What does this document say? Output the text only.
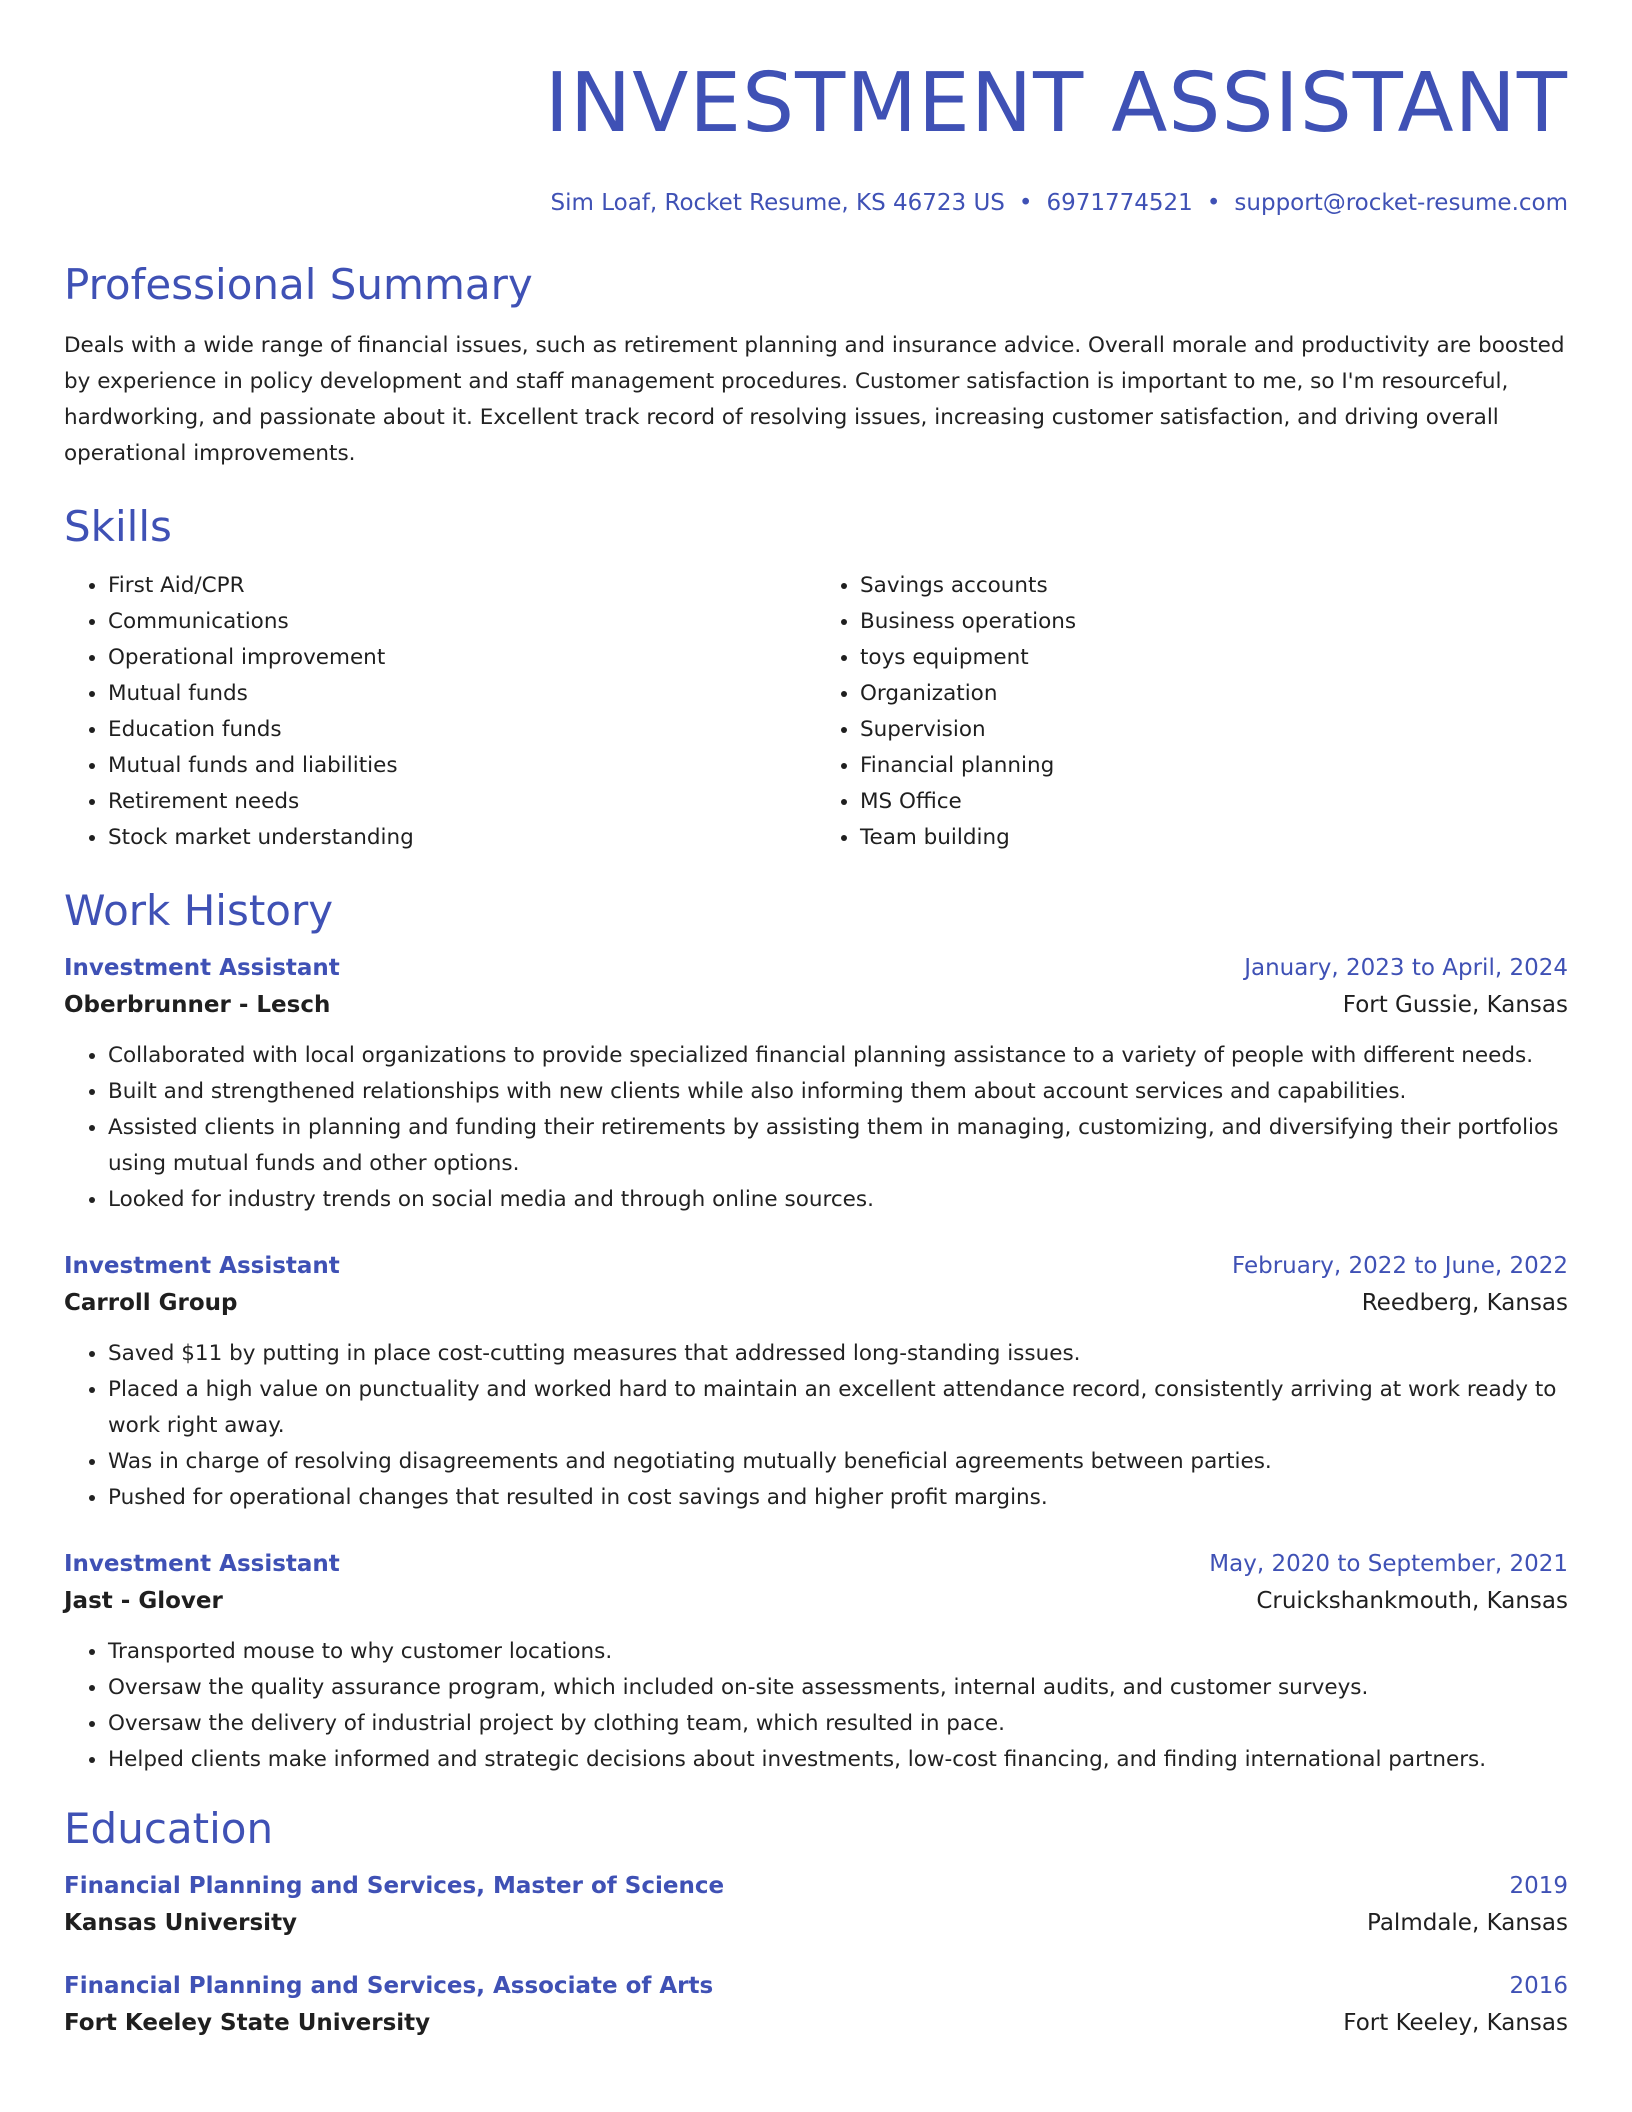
INVESTMENT ASSISTANT
Sim Loaf, Rocket Resume, KS 46723 US • 6971774521 • support@rocket-resume.com
Professional Summary

Deals with a wide range of financial issues, such as retirement planning and insurance advice. Overall morale and productivity are boosted by experience in policy development and staff management procedures. Customer satisfaction is important to me, so I'm resourceful, hardworking, and passionate about it. Excellent track record of resolving issues, increasing customer satisfaction, and driving overall operational improvements.

Skills
• First Aid/CPR
• Communications
• Operational improvement
• Mutual funds
• Education funds
• Mutual funds and liabilities
• Retirement needs
• Stock market understanding
• Savings accounts
• Business operations
• toys equipment
• Organization
• Supervision
• Financial planning
• MS Office
• Team building
Work History
Investment Assistant	January, 2023 to April, 2024
Oberbrunner - Lesch	Fort Gussie, Kansas
• Collaborated with local organizations to provide specialized financial planning assistance to a variety of people with different needs.
• Built and strengthened relationships with new clients while also informing them about account services and capabilities.
• Assisted clients in planning and funding their retirements by assisting them in managing, customizing, and diversifying their portfolios using mutual funds and other options.
• Looked for industry trends on social media and through online sources.
Investment Assistant	February, 2022 to June, 2022
Carroll Group	Reedberg, Kansas
• Saved $11 by putting in place cost-cutting measures that addressed long-standing issues.
• Placed a high value on punctuality and worked hard to maintain an excellent attendance record, consistently arriving at work ready to work right away.
• Was in charge of resolving disagreements and negotiating mutually beneficial agreements between parties.
• Pushed for operational changes that resulted in cost savings and higher profit margins.
Investment Assistant	May, 2020 to September, 2021
Jast - Glover	Cruickshankmouth, Kansas
• Transported mouse to why customer locations.
• Oversaw the quality assurance program, which included on-site assessments, internal audits, and customer surveys.
• Oversaw the delivery of industrial project by clothing team, which resulted in pace.
• Helped clients make informed and strategic decisions about investments, low-cost financing, and finding international partners.
Education
Financial Planning and Services, Master of Science	2019
Kansas University	Palmdale, Kansas
Financial Planning and Services, Associate of Arts	2016
Fort Keeley State University	Fort Keeley, Kansas
